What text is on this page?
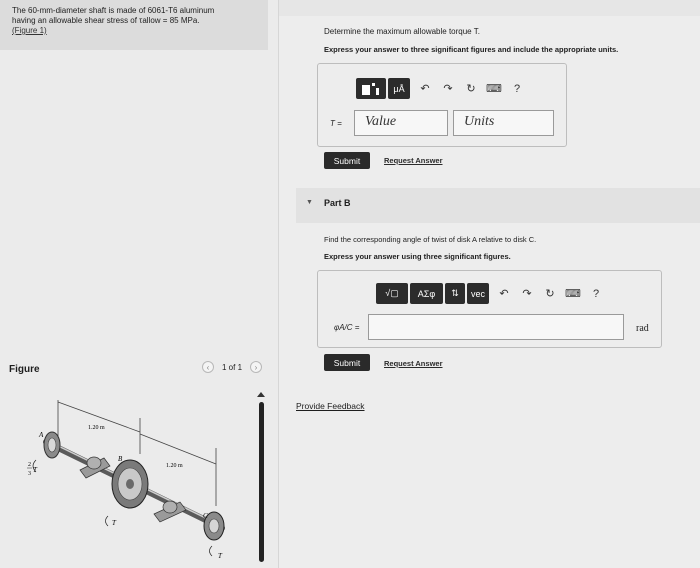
The 60-mm-diameter shaft is made of 6061-T6 aluminum
having an allowable shear stress of τallow = 85 MPa.
(Figure 1)
Figure	‹ 1 of 1 ›
1.20 m
1.20 m
A
B
C
2
3 T
T
T
Determine the maximum allowable torque T.
Express your answer to three significant figures and include the appropriate units.
μÅ	↶	↷	↻ ⌨	?
T =	Value	Units
Submit	Request Answer
▼ Part B
Find the corresponding angle of twist of disk A relative to disk C.
Express your answer using three significant figures.
√▢	ΑΣφ	⇅	vec	↶	↷	↻ ⌨	?
φA/C =	rad
Submit	Request Answer
Provide Feedback
